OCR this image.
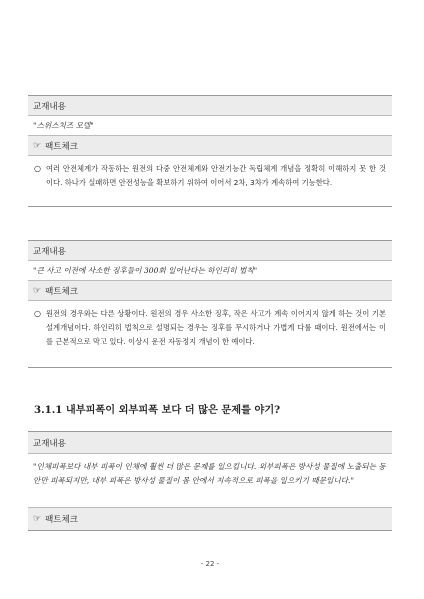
교재내용
"스위스치즈 모델"
☞ 팩트체크
○ 여러 안전체계가 작동하는 원전의 다중 안전체계와 안전기능간 독립체계 개념을 정확히 이해하지 못 한 것이다. 하나가 실패하면 안전성능을 확보하기 위하여 이어서 2차, 3차가 계속하여 기능한다.
교재내용
"큰 사고 이전에 사소한 징후들이 300회 일어난다는 하인리히 법칙"
☞ 팩트체크
○ 원전의 경우와는 다른 상황이다. 원전의 경우 사소한 징후, 작은 사고가 계속 이어지지 않게 하는 것이 기본 설계개념이다. 하인리히 법칙으로 설명되는 경우는 징후를 무시하거나 가볍게 다룰 때이다. 원전에서는 이를 근본적으로 막고 있다. 이상시 운전 자동정지 개념이 한 예이다.
3.1.1 내부피폭이 외부피폭 보다 더 많은 문제를 야기?
교재내용
"인체피폭보다 내부 피폭이 인체에 훨씬 더 많은 문제를 일으킵니다. 외부피폭은 방사성 물질에 노출되는 동안만 피폭되지만, 내부 피폭은 방사성 물질이 몸 안에서 지속적으로 피폭을 일으키기 때문입니다."
☞ 팩트체크
- 22 -
